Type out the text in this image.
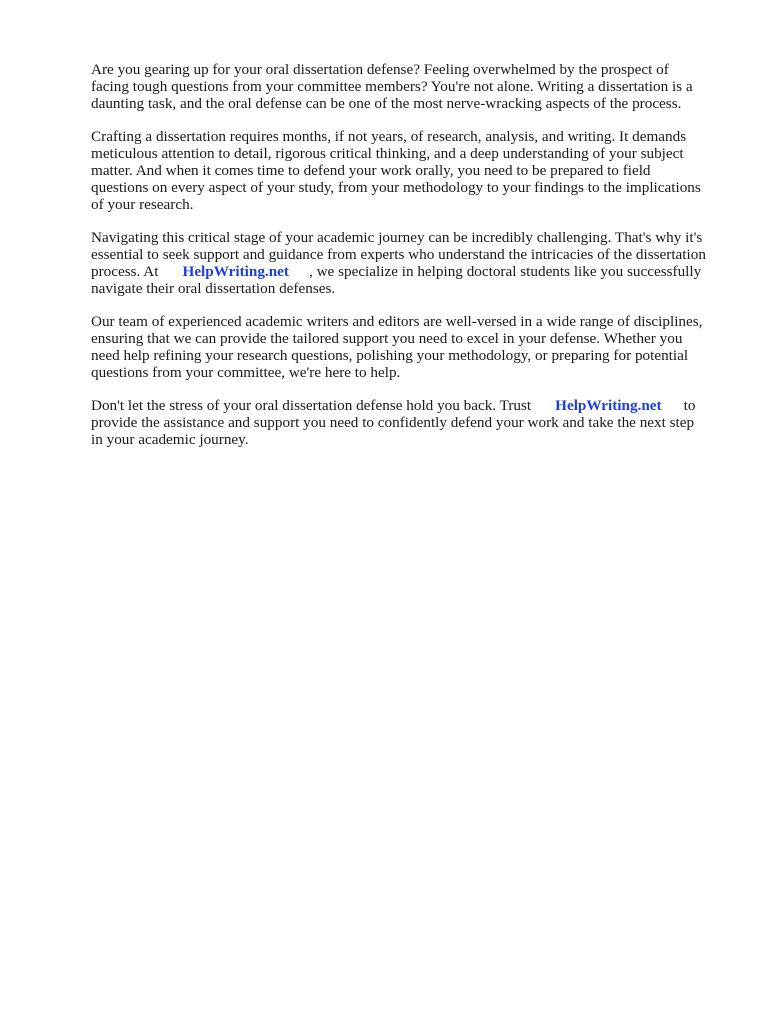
Are you gearing up for your oral dissertation defense? Feeling overwhelmed by the prospect of
facing tough questions from your committee members? You're not alone. Writing a dissertation is a
daunting task, and the oral defense can be one of the most nerve-wracking aspects of the process.

Crafting a dissertation requires months, if not years, of research, analysis, and writing. It demands
meticulous attention to detail, rigorous critical thinking, and a deep understanding of your subject
matter. And when it comes time to defend your work orally, you need to be prepared to field
questions on every aspect of your study, from your methodology to your findings to the implications
of your research.

Navigating this critical stage of your academic journey can be incredibly challenging. That's why it's
essential to seek support and guidance from experts who understand the intricacies of the dissertation
process. At HelpWriting.net , we specialize in helping doctoral students like you successfully
navigate their oral dissertation defenses.

Our team of experienced academic writers and editors are well-versed in a wide range of disciplines,
ensuring that we can provide the tailored support you need to excel in your defense. Whether you
need help refining your research questions, polishing your methodology, or preparing for potential
questions from your committee, we're here to help.

Don't let the stress of your oral dissertation defense hold you back. Trust HelpWriting.net to
provide the assistance and support you need to confidently defend your work and take the next step
in your academic journey.
